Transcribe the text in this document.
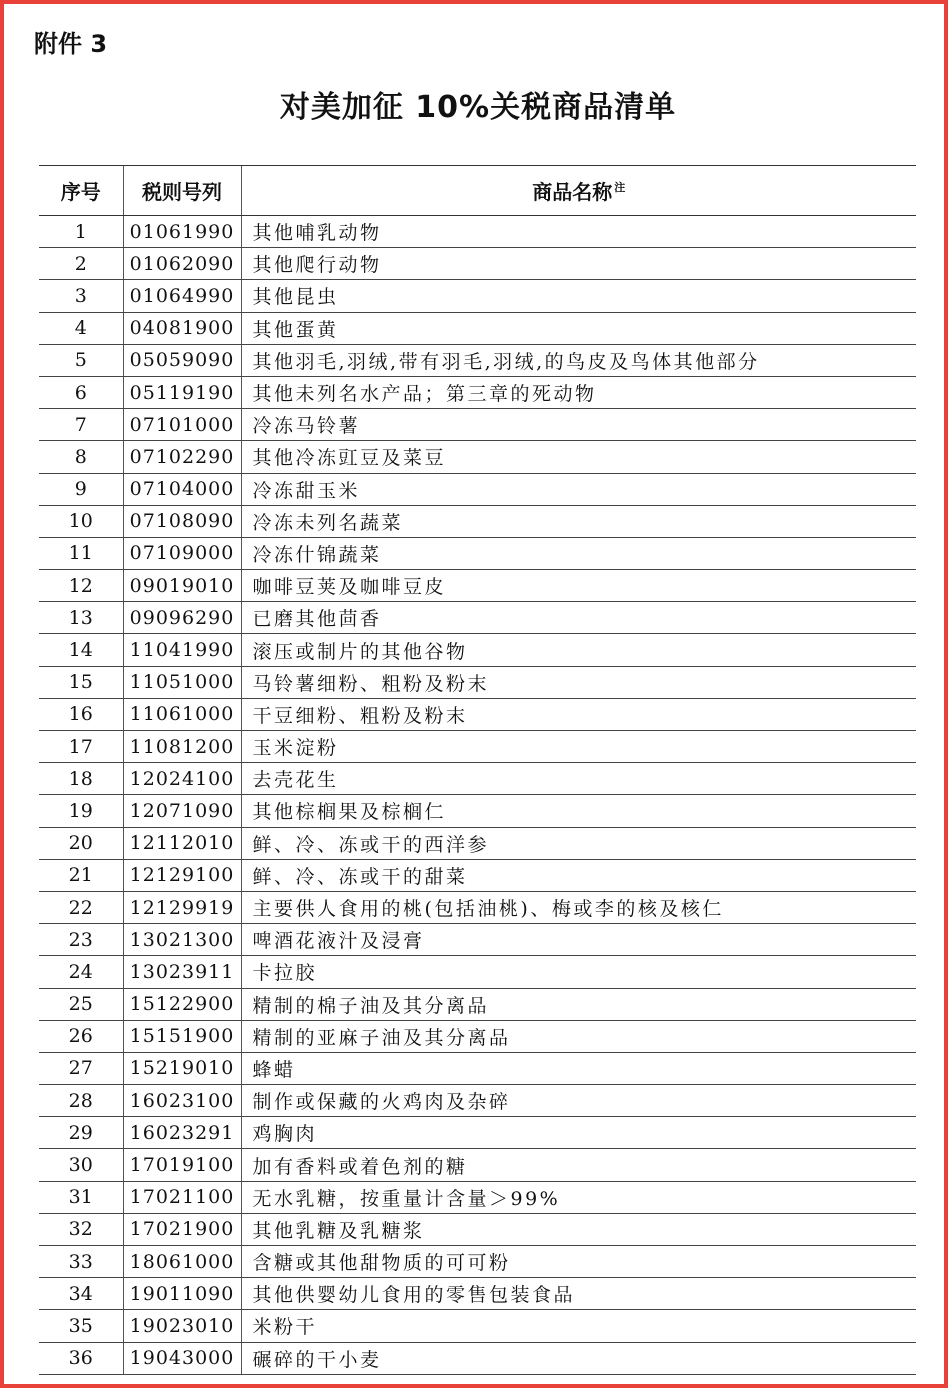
附件 3
对美加征 10%关税商品清单
序号	税则号列	商品名称 $^注$
1	01061990	其他哺乳动物
2	01062090	其他爬行动物
3	01064990	其他昆虫
4	04081900	其他蛋黄
5	05059090	其他羽毛,羽绒,带有羽毛,羽绒,的鸟皮及鸟体其他部分
6	05119190	其他未列名水产品；第三章的死动物
7	07101000	冷冻马铃薯
8	07102290	其他冷冻豇豆及菜豆
9	07104000	冷冻甜玉米
10	07108090	冷冻未列名蔬菜
11	07109000	冷冻什锦蔬菜
12	09019010	咖啡豆荚及咖啡豆皮
13	09096290	已磨其他茴香
14	11041990	滚压或制片的其他谷物
15	11051000	马铃薯细粉、粗粉及粉末
16	11061000	干豆细粉、粗粉及粉末
17	11081200	玉米淀粉
18	12024100	去壳花生
19	12071090	其他棕榈果及棕榈仁
20	12112010	鲜、冷、冻或干的西洋参
21	12129100	鲜、冷、冻或干的甜菜
22	12129919	主要供人食用的桃(包括油桃)、梅或李的核及核仁
23	13021300	啤酒花液汁及浸膏
24	13023911	卡拉胶
25	15122900	精制的棉子油及其分离品
26	15151900	精制的亚麻子油及其分离品
27	15219010	蜂蜡
28	16023100	制作或保藏的火鸡肉及杂碎
29	16023291	鸡胸肉
30	17019100	加有香料或着色剂的糖
31	17021100	无水乳糖，按重量计含量＞99%
32	17021900	其他乳糖及乳糖浆
33	18061000	含糖或其他甜物质的可可粉
34	19011090	其他供婴幼儿食用的零售包装食品
35	19023010	米粉干
36	19043000	碾碎的干小麦
